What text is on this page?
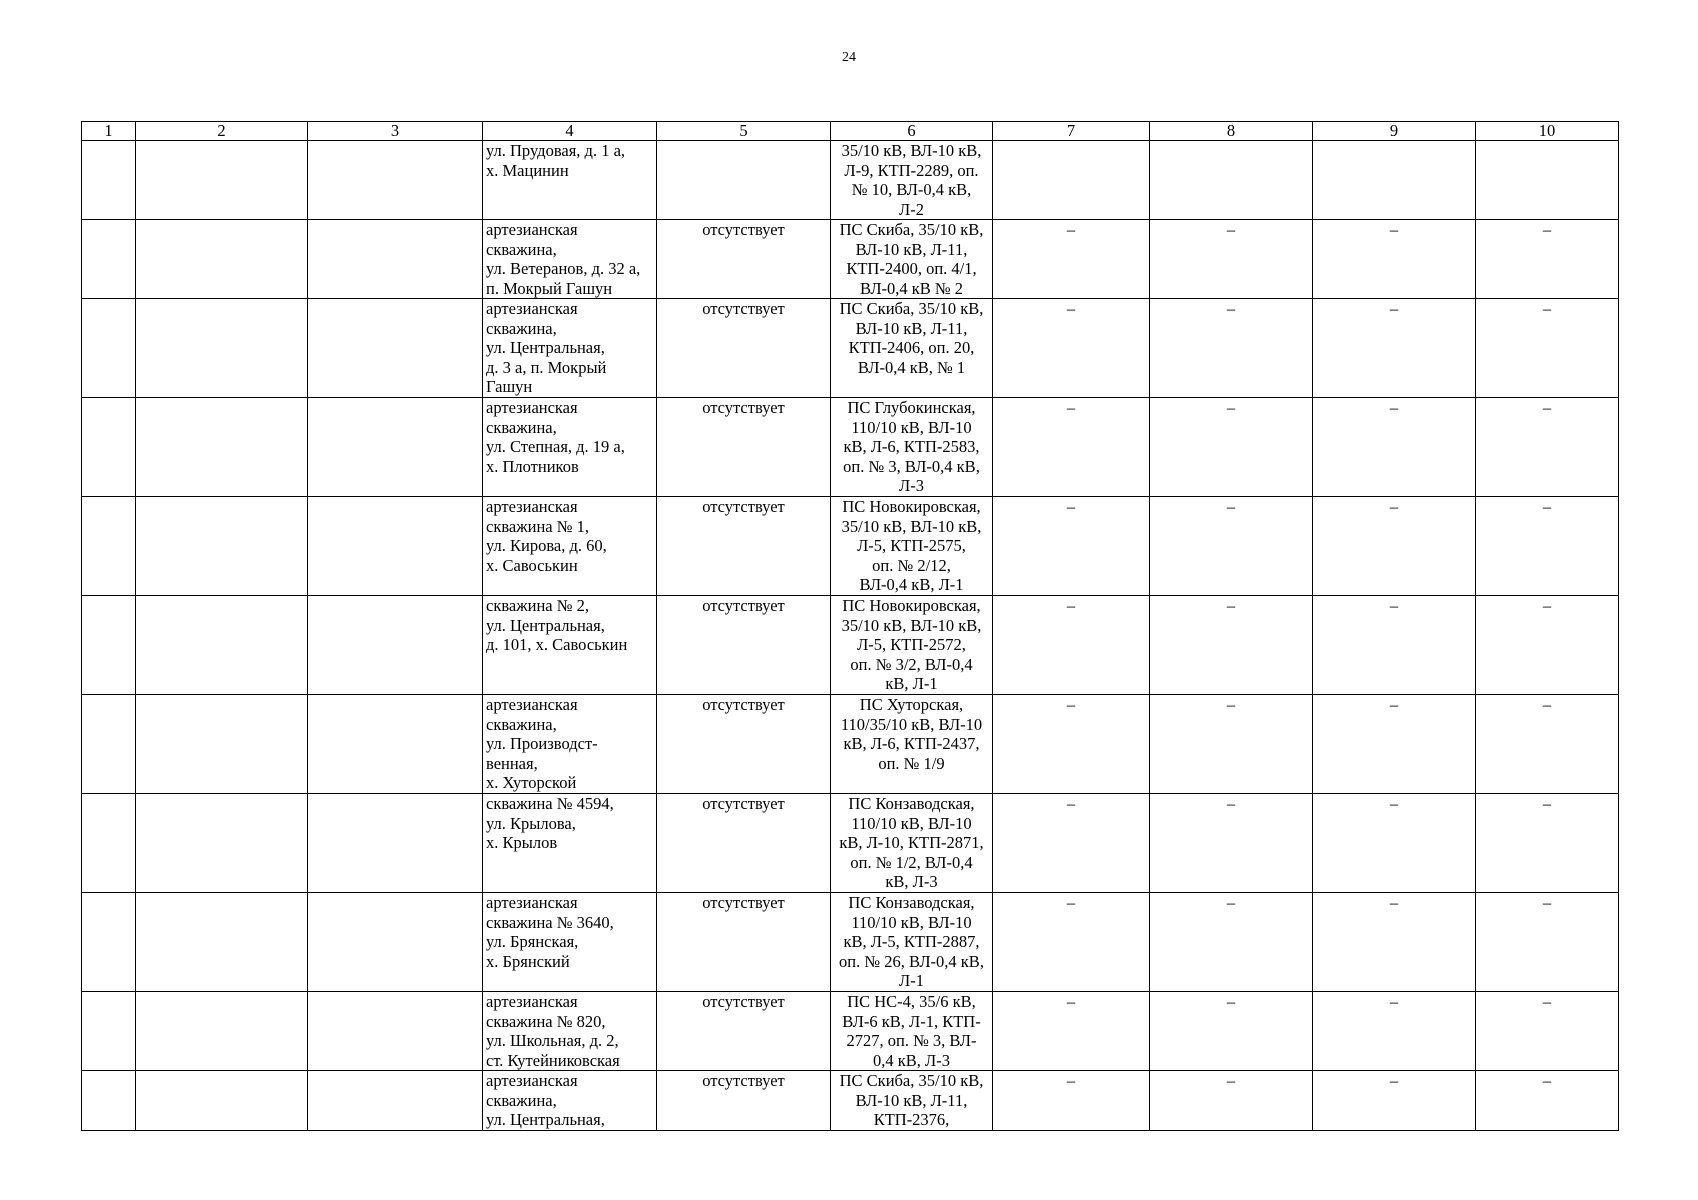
24
1	2	3	4	5	6	7	8	9	10
			ул. Прудовая, д. 1 а,
х. Мацинин		35/10 кВ, ВЛ-10 кВ,
Л-9, КТП-2289, оп.
№ 10, ВЛ-0,4 кВ,
Л-2				
			артезианская
скважина,
ул. Ветеранов, д. 32 а,
п. Мокрый Гашун	отсутствует	ПС Скиба, 35/10 кВ,
ВЛ-10 кВ, Л-11,
КТП-2400, оп. 4/1,
ВЛ-0,4 кВ № 2	–	–	–	–
			артезианская
скважина,
ул. Центральная,
д. 3 а, п. Мокрый
Гашун	отсутствует	ПС Скиба, 35/10 кВ,
ВЛ-10 кВ, Л-11,
КТП-2406, оп. 20,
ВЛ-0,4 кВ, № 1	–	–	–	–
			артезианская
скважина,
ул. Степная, д. 19 а,
х. Плотников	отсутствует	ПС Глубокинская,
110/10 кВ, ВЛ-10
кВ, Л-6, КТП-2583,
оп. № 3, ВЛ-0,4 кВ,
Л-3	–	–	–	–
			артезианская
скважина № 1,
ул. Кирова, д. 60,
х. Савоськин	отсутствует	ПС Новокировская,
35/10 кВ, ВЛ-10 кВ,
Л-5, КТП-2575,
оп. № 2/12,
ВЛ-0,4 кВ, Л-1	–	–	–	–
			скважина № 2,
ул. Центральная,
д. 101, х. Савоськин	отсутствует	ПС Новокировская,
35/10 кВ, ВЛ-10 кВ,
Л-5, КТП-2572,
оп. № 3/2, ВЛ-0,4
кВ, Л-1	–	–	–	–
			артезианская
скважина,
ул. Производст-
венная,
х. Хуторской	отсутствует	ПС Хуторская,
110/35/10 кВ, ВЛ-10
кВ, Л-6, КТП-2437,
оп. № 1/9	–	–	–	–
			скважина № 4594,
ул. Крылова,
х. Крылов	отсутствует	ПС Конзаводская,
110/10 кВ, ВЛ-10
кВ, Л-10, КТП-2871,
оп. № 1/2, ВЛ-0,4
кВ, Л-3	–	–	–	–
			артезианская
скважина № 3640,
ул. Брянская,
х. Брянский	отсутствует	ПС Конзаводская,
110/10 кВ, ВЛ-10
кВ, Л-5, КТП-2887,
оп. № 26, ВЛ-0,4 кВ,
Л-1	–	–	–	–
			артезианская
скважина № 820,
ул. Школьная, д. 2,
ст. Кутейниковская	отсутствует	ПС НС-4, 35/6 кВ,
ВЛ-6 кВ, Л-1, КТП-
2727, оп. № 3, ВЛ-
0,4 кВ, Л-3	–	–	–	–
			артезианская
скважина,
ул. Центральная,	отсутствует	ПС Скиба, 35/10 кВ,
ВЛ-10 кВ, Л-11,
КТП-2376,	–	–	–	–
